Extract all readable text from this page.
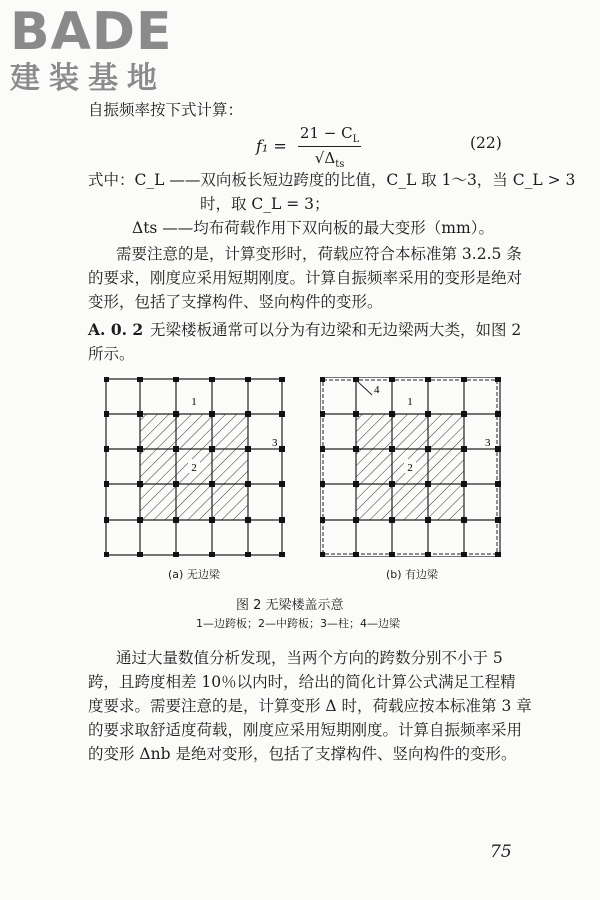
BADE
建装基地
自振频率按下式计算：
$f_1 = \frac{21 - C_L}{√\Delta_{ts}}$	(22)
式中：C_L ——双向板长短边跨度的比值，C_L 取 1～3，当 C_L > 3
时，取 C_L = 3；
Δts ——均布荷载作用下双向板的最大变形（mm）。
需要注意的是，计算变形时，荷载应符合本标准第 3.2.5 条
的要求，刚度应采用短期刚度。计算自振频率采用的变形是绝对
变形，包括了支撑构件、竖向构件的变形。
A. 0. 2 无梁楼板通常可以分为有边梁和无边梁两大类，如图 2
所示。
1
2
3
4
1
2
3
(a) 无边梁	(b) 有边梁
图 2 无梁楼盖示意
1—边跨板；2—中跨板；3—柱；4—边梁
通过大量数值分析发现，当两个方向的跨数分别不小于 5
跨，且跨度相差 10％以内时，给出的简化计算公式满足工程精
度要求。需要注意的是，计算变形 Δ 时，荷载应按本标准第 3 章
的要求取舒适度荷载，刚度应采用短期刚度。计算自振频率采用
的变形 Δnb 是绝对变形，包括了支撑构件、竖向构件的变形。
75
